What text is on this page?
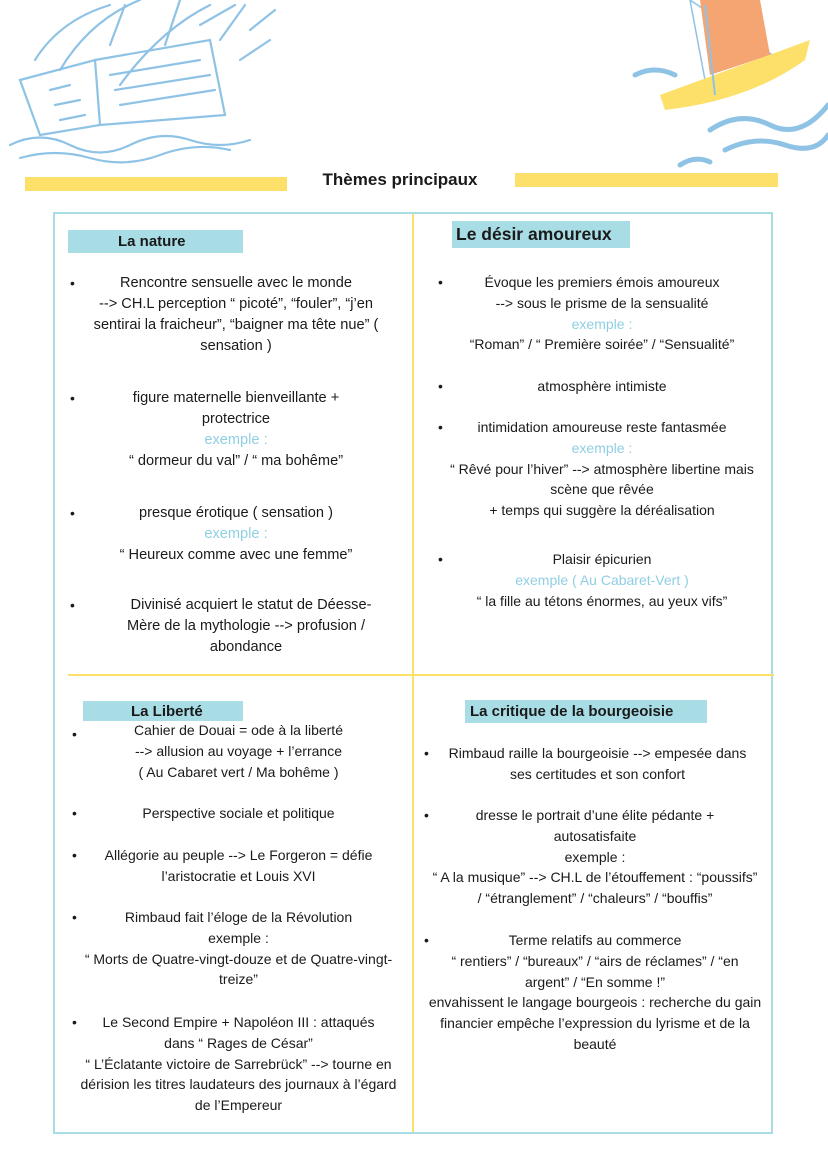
Thèmes principaux
La nature
•	Rencontre sensuelle avec le monde
--> CH.L perception “ picoté”, “fouler”, “j’en
sentirai la fraicheur”, “baigner ma tête nue” (
sensation )
•	figure maternelle bienveillante +
protectrice
exemple :
“ dormeur du val” / “ ma bohême”
•	presque érotique ( sensation )
exemple :
“ Heureux comme avec une femme”
•	Divinisé acquiert le statut de Déesse-
Mère de la mythologie --> profusion /
abondance
Le désir amoureux
•	Évoque les premiers émois amoureux
--> sous le prisme de la sensualité
exemple :
“Roman” / “ Première soirée” / “Sensualité”
•	atmosphère intimiste
•	intimidation amoureuse reste fantasmée
exemple :
“ Rêvé pour l’hiver” --> atmosphère libertine mais
scène que rêvée
+ temps qui suggère la déréalisation
•	Plaisir épicurien
exemple ( Au Cabaret-Vert )
“ la fille au tétons énormes, au yeux vifs”
La Liberté
•	Cahier de Douai = ode à la liberté
--> allusion au voyage + l’errance
( Au Cabaret vert / Ma bohême )
•	Perspective sociale et politique
•	Allégorie au peuple --> Le Forgeron = défie
l’aristocratie et Louis XVI
•	Rimbaud fait l’éloge de la Révolution
exemple :
“ Morts de Quatre-vingt-douze et de Quatre-vingt-
treize”
•	Le Second Empire + Napoléon III : attaqués
dans “ Rages de César”
“ L’Éclatante victoire de Sarrebrück” --> tourne en
dérision les titres laudateurs des journaux à l’égard
de l’Empereur
La critique de la bourgeoisie
•	Rimbaud raille la bourgeoisie --> empesée dans
ses certitudes et son confort
•	dresse le portrait d’une élite pédante +
autosatisfaite
exemple :
“ A la musique” --> CH.L de l’étouffement : “poussifs”
/ “étranglement” / “chaleurs” / “bouffis”
•	Terme relatifs au commerce
“ rentiers” / “bureaux” / “airs de réclames” / “en
argent” / “En somme !”
envahissent le langage bourgeois : recherche du gain
financier empêche l’expression du lyrisme et de la
beauté
